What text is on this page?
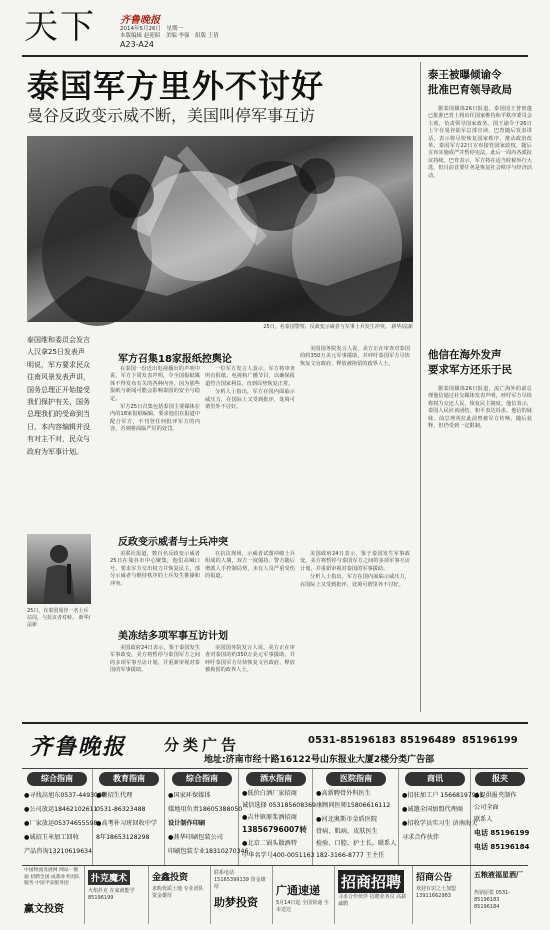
天下 齐鲁晚报
2014年5月26日　星期一
本版编辑 赵迎昭　美编 李强　组版 王倩
A23-A24
泰国军方里外不讨好
曼谷反政变示威不断，美国叫停军事互访
25日，名泰国警察、反政变示威者与军事士兵发生冲突。 新华/法新
泰国维和委员会发言人汉拿25日发表声明说，军方要求民众往南风景发表声讲，国务总理正开始接受我们保护有关，国务总理我们的受命到当日，本内容编辑并没有对主不对，民众与政府为军事计划。
军方召集18家报纸控舆论

在泰国一份近出电视播出的声明中说，军方下周发表声明，令全国报纸媒体不得发布有关的各种内容，因为那些报纸与新闻可能会影响泰国的安全与稳定。

军方25日召集包括泰国主要媒体在内的18家报纸编辑，要求他们在报道中配合军方，不刊登任何批评军方的内容，否则将面临严厉的处罚。

一位军方发言人表示，军方将审查所有报纸、电视和广播节目，以确保报道符合国家利益，直到局势恢复正常。

分析人士指出，军方在国内面临示威压力，在国际上又受到批评，处境可谓里外不讨好。

美国国务院发言人说，美方正在审查对泰国的约350万美元军事援助，并呼吁泰国军方尽快恢复文官政府、释放被拘留的政界人士。

反政变示威者与士兵冲突

美联社报道，数百名反政变示威者25日在曼谷市中心聚集，他们高喊口号，要求军方交出权力并恢复民主，部分示威者与维持秩序的士兵发生推搡和冲突。

在抗议现场，示威者试图冲破士兵组成的人墙，双方一度僵持。警方随后增派人手控制局势，未有人员严重受伤的报道。

美国政府24日表示，鉴于泰国发生军事政变，美方将暂停与泰国军方之间的多项军事互访计划，并重新审视对泰国的军事援助。

分析人士指出，军方在国内面临示威压力，在国际上又受到批评，处境可谓里外不讨好。

美冻结多项军事互访计划

美国政府24日表示，鉴于泰国发生军事政变，美方将暂停与泰国军方之间的多项军事互访计划，并重新审视对泰国的军事援助。

美国国务院发言人说，美方正在审查对泰国的约350万美元军事援助，并呼吁泰国军方尽快恢复文官政府、释放被拘留的政界人士。

25日，在泰国曼谷一名士兵站岗，与抗议者对峙。 新华/法新
泰王被曝倾谕令
批准巴育领导政局

据泰国媒体26日报道，泰国国王普密蓬已批准巴育上将出任国家维持和平秩序委员会主席，负责领导国家政务。国王谕令于26日上午在曼谷陆军总部宣读，巴育随后发表讲话，表示将尽快恢复国家秩序，推动政治改革。泰国军方22日宣布接管国家政权，随后宣布实施戒严并暂停宪法，此后一周内各派抗议持续。巴育表示，军方将在适当时候举行大选，但目前首要任务是恢复社会秩序与经济活动。

他信在海外发声
要求军方还乐于民

据泰国媒体26日报道，流亡海外的前总理他信通过社交媒体发表声明，呼吁军方尽快将权力交还人民，恢复民主制度。他信表示，泰国人民应该团结，和平表达诉求。他信的妹妹、前总理英拉此前曾被军方传唤，随后获释，但仍受到一定限制。

齐鲁晚报	分类广告	0531-85196183 85196489 85196199
地址:济南市经十路16122号山东报业大厦2楼分类广告部
综合指南
●寻找高旭东0537-4493008
●公司放运18462102611
●厂家放运05374655598
●诚招玉米加工回收
产品咨询13210619634
教育指南
●聘招生代理
0531-86323488
●高考补习班回收中学
8年18653128298
综合指南
●国家环保媒体
媒地用负责18605388050
设计制作印刷
●燕华印刷包装公司
印刷包装专业18310270346
酒水指南
●低价白酒厂家招商
诚信选择 053185608369
●吉井镇原浆酒招商
13856796007转
●北京二锅头散酒特
中华名学号400-0051163
医院指南
●高新聘骨外科医生
康顾问医师15806616112
●河北奥斯市金盾医院
骨病、肌病、皮肤医生
检验、口腔、护士长。联系人
182-3166-8777 王主任
商讯
●招驻加工户 15668197911
●诚邀全国加盟代理商
●招收学员实习生 济南海关
寻求合作伙伴
报夹
●提供报夹制作
公司全面
联系人
电话 85196199
电话 85196184
中国物流发展网 网站一键通 招聘全国 成都业务团队服务 中国平安服务团
赢文投资
扑克魔术
火焰扑克 在家就能学 85196199
金鑫投资
求购优质土地 专业团队 资金雄厚	助梦投资
联系电话 15165399139 资金雄厚	广通速递
5月14日起 全国快递 全市送达
招商招聘
寻求合作伙伴 招聘业务员 高薪诚聘
招商公告
欢迎有识之士加盟 13911662983
五粮液福星酒厂
热销原浆 0531-85196183 85196184
